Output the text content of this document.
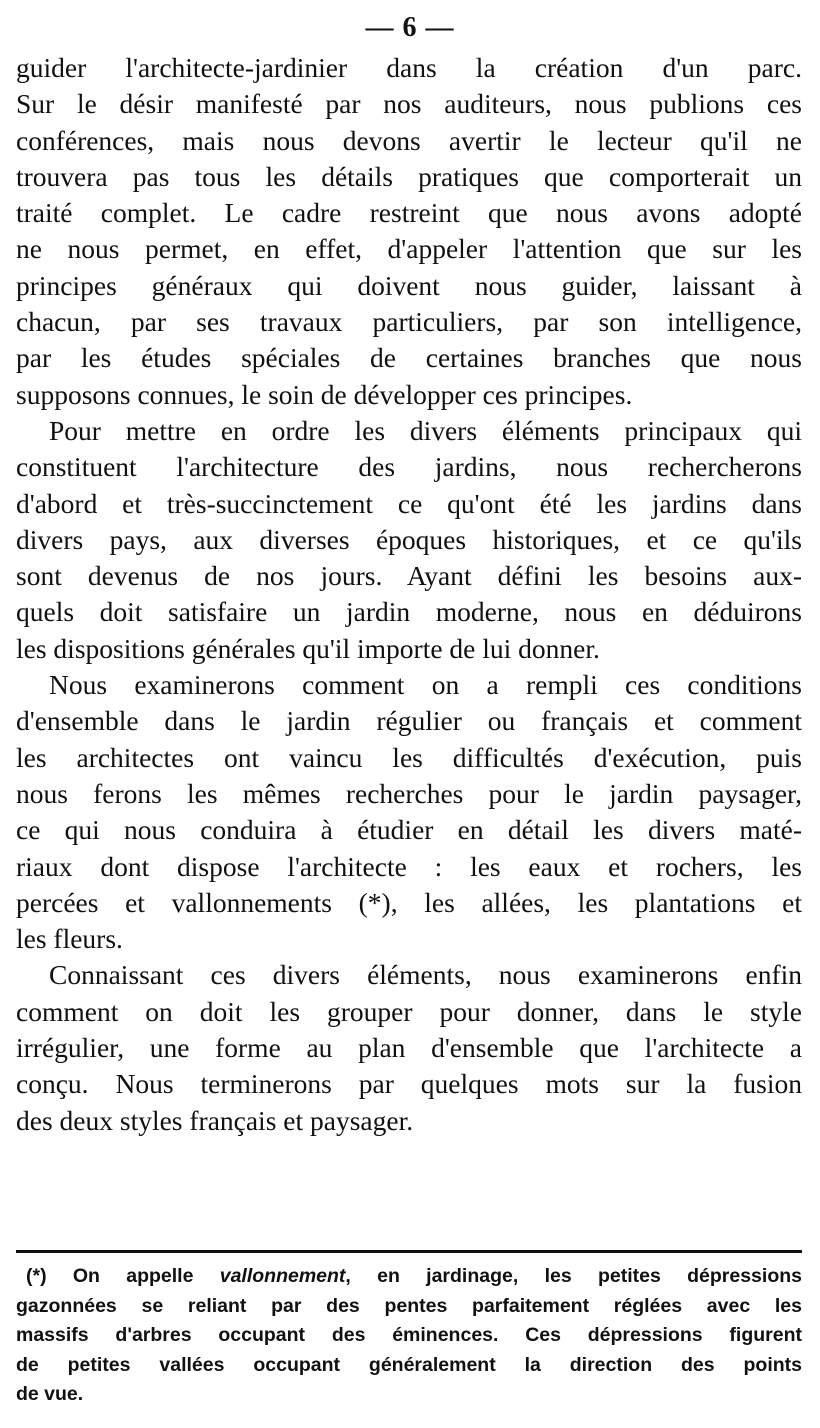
— 6 —
guider l'architecte-jardinier dans la création d'un parc.
Sur le désir manifesté par nos auditeurs, nous publions ces
conférences, mais nous devons avertir le lecteur qu'il ne
trouvera pas tous les détails pratiques que comporterait un
traité complet. Le cadre restreint que nous avons adopté
ne nous permet, en effet, d'appeler l'attention que sur les
principes généraux qui doivent nous guider, laissant à
chacun, par ses travaux particuliers, par son intelligence,
par les études spéciales de certaines branches que nous
supposons connues, le soin de développer ces principes.
Pour mettre en ordre les divers éléments principaux qui
constituent l'architecture des jardins, nous rechercherons
d'abord et très-succinctement ce qu'ont été les jardins dans
divers pays, aux diverses époques historiques, et ce qu'ils
sont devenus de nos jours. Ayant défini les besoins aux-
quels doit satisfaire un jardin moderne, nous en déduirons
les dispositions générales qu'il importe de lui donner.
Nous examinerons comment on a rempli ces conditions
d'ensemble dans le jardin régulier ou français et comment
les architectes ont vaincu les difficultés d'exécution, puis
nous ferons les mêmes recherches pour le jardin paysager,
ce qui nous conduira à étudier en détail les divers maté-
riaux dont dispose l'architecte : les eaux et rochers, les
percées et vallonnements (*), les allées, les plantations et
les fleurs.
Connaissant ces divers éléments, nous examinerons enfin
comment on doit les grouper pour donner, dans le style
irrégulier, une forme au plan d'ensemble que l'architecte a
conçu. Nous terminerons par quelques mots sur la fusion
des deux styles français et paysager.
(*) On appelle vallonnement, en jardinage, les petites dépressions
gazonnées se reliant par des pentes parfaitement réglées avec les
massifs d'arbres occupant des éminences. Ces dépressions figurent
de petites vallées occupant généralement la direction des points
de vue.
